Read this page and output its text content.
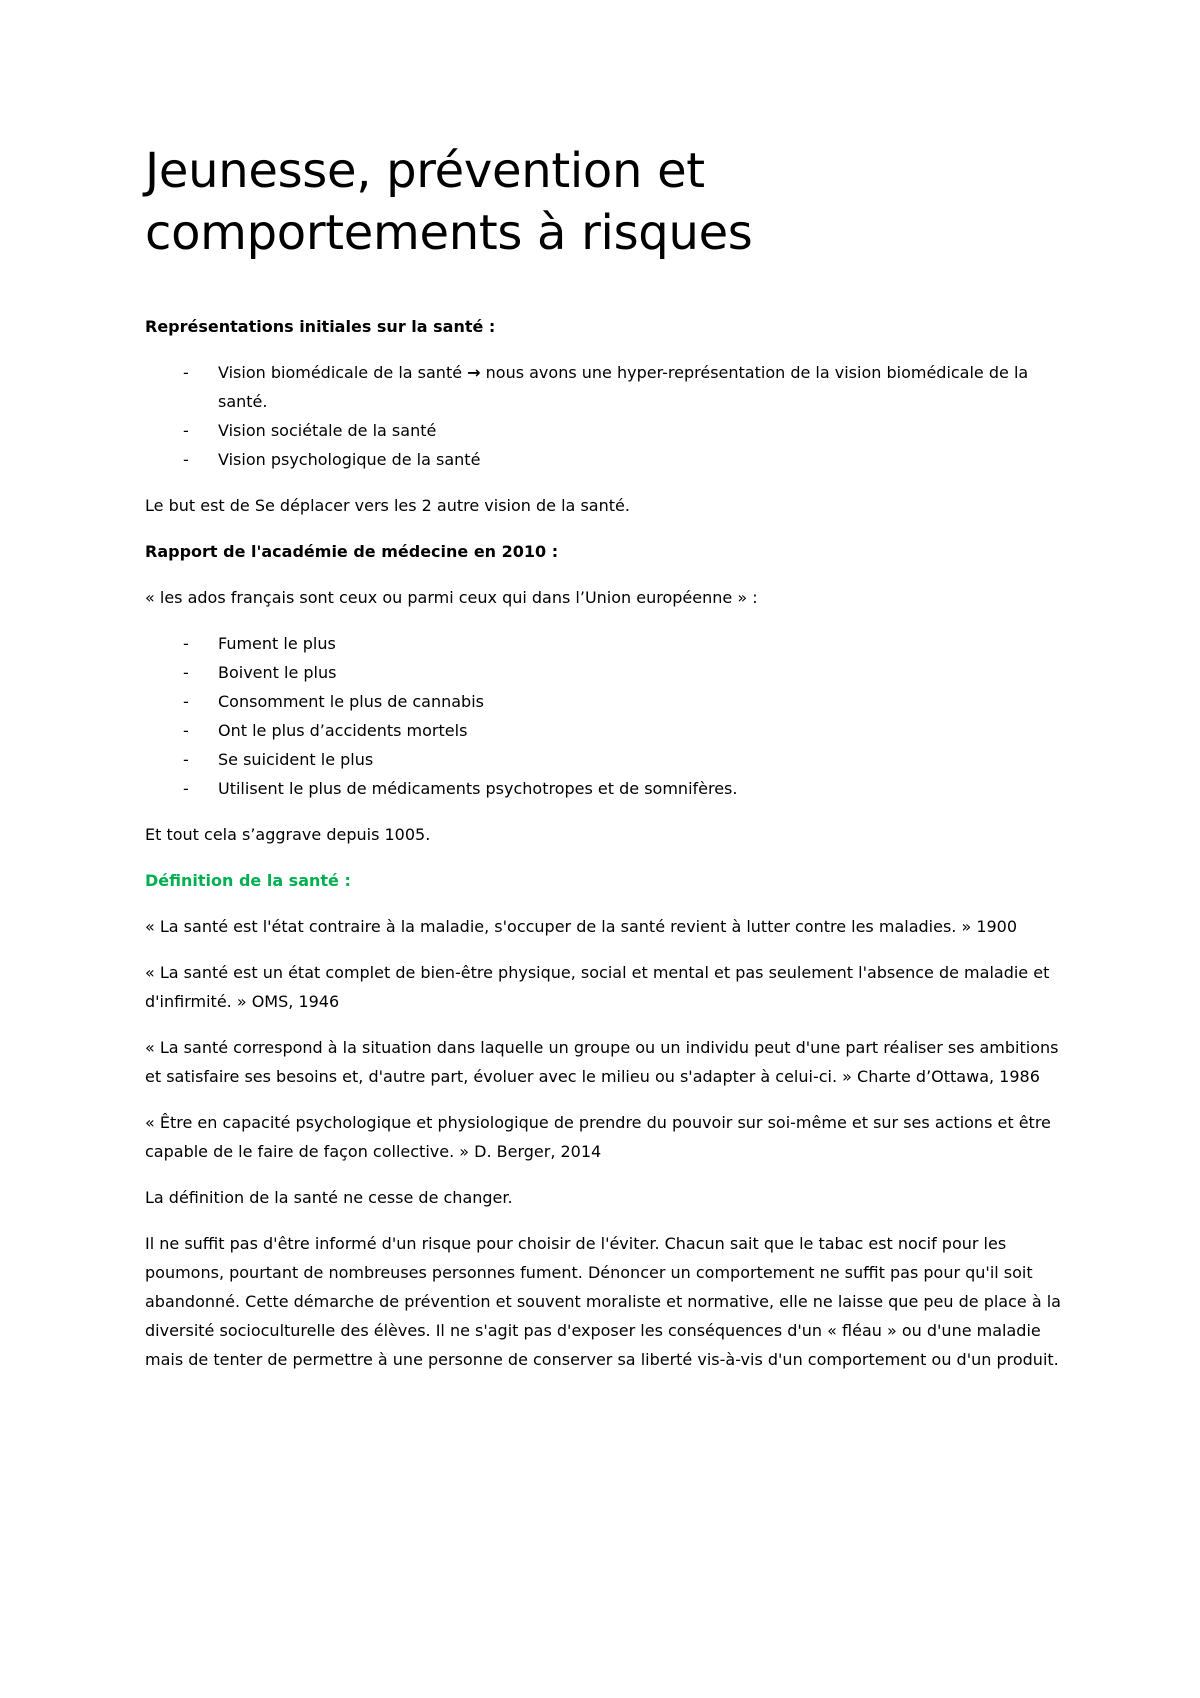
Jeunesse, prévention et
comportements à risques

Représentations initiales sur la santé :

- Vision biomédicale de la santé → nous avons une hyper-représentation de la vision biomédicale de la santé.
- Vision sociétale de la santé
- Vision psychologique de la santé

Le but est de Se déplacer vers les 2 autre vision de la santé.

Rapport de l'académie de médecine en 2010 :

« les ados français sont ceux ou parmi ceux qui dans l’Union européenne » :

- Fument le plus
- Boivent le plus
- Consomment le plus de cannabis
- Ont le plus d’accidents mortels
- Se suicident le plus
- Utilisent le plus de médicaments psychotropes et de somnifères.

Et tout cela s’aggrave depuis 1005.

Définition de la santé :

« La santé est l'état contraire à la maladie, s'occuper de la santé revient à lutter contre les maladies. » 1900

« La santé est un état complet de bien-être physique, social et mental et pas seulement l'absence de maladie et d'infirmité. » OMS, 1946

« La santé correspond à la situation dans laquelle un groupe ou un individu peut d'une part réaliser ses ambitions et satisfaire ses besoins et, d'autre part, évoluer avec le milieu ou s'adapter à celui-ci. » Charte d’Ottawa, 1986

« Être en capacité psychologique et physiologique de prendre du pouvoir sur soi-même et sur ses actions et être capable de le faire de façon collective. » D. Berger, 2014

La définition de la santé ne cesse de changer.

Il ne suffit pas d'être informé d'un risque pour choisir de l'éviter. Chacun sait que le tabac est nocif pour les poumons, pourtant de nombreuses personnes fument. Dénoncer un comportement ne suffit pas pour qu'il soit abandonné. Cette démarche de prévention et souvent moraliste et normative, elle ne laisse que peu de place à la diversité socioculturelle des élèves. Il ne s'agit pas d'exposer les conséquences d'un « fléau » ou d'une maladie mais de tenter de permettre à une personne de conserver sa liberté vis-à-vis d'un comportement ou d'un produit.
